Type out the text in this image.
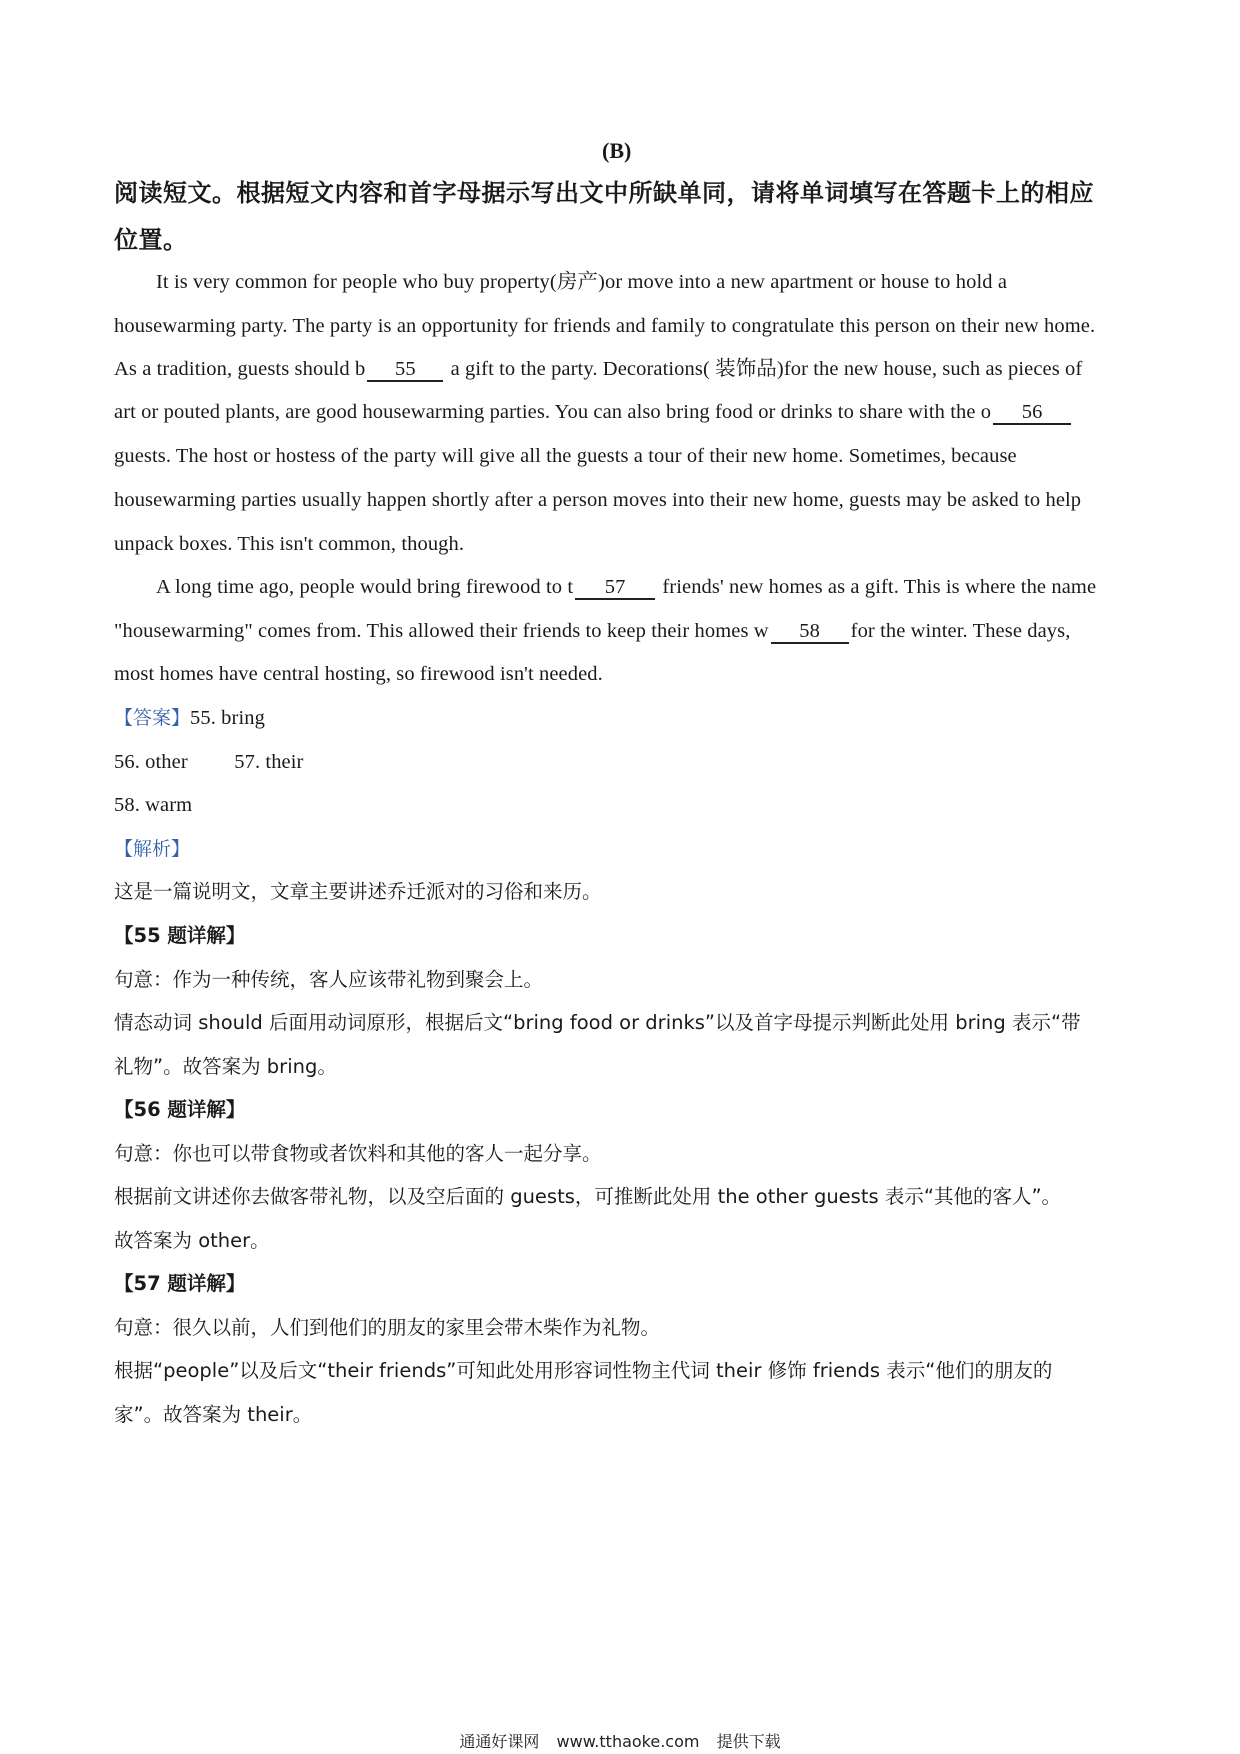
(B)
阅读短文。根据短文内容和首字母据示写出文中所缺单同，请将单词填写在答题卡上的相应
位置。
It is very common for people who buy property(房产)or move into a new apartment or house to hold a
housewarming party. The party is an opportunity for friends and family to congratulate this person on their new home.
As a tradition, guests should b 55 a gift to the party. Decorations( 装饰品)for the new house, such as pieces of
art or pouted plants, are good housewarming parties. You can also bring food or drinks to share with the o 56
guests. The host or hostess of the party will give all the guests a tour of their new home. Sometimes, because
housewarming parties usually happen shortly after a person moves into their new home, guests may be asked to help
unpack boxes. This isn't common, though.
A long time ago, people would bring firewood to t 57 friends' new homes as a gift. This is where the name
"housewarming" comes from. This allowed their friends to keep their homes w 58 for the winter. These days,
most homes have central hosting, so firewood isn't needed.
【答案】55. bring
56. other 57. their
58. warm
【解析】
这是一篇说明文，文章主要讲述乔迁派对的习俗和来历。
【55 题详解】
句意：作为一种传统，客人应该带礼物到聚会上。
情态动词 should 后面用动词原形，根据后文“bring food or drinks”以及首字母提示判断此处用 bring 表示“带
礼物”。故答案为 bring。
【56 题详解】
句意：你也可以带食物或者饮料和其他的客人一起分享。
根据前文讲述你去做客带礼物，以及空后面的 guests，可推断此处用 the other guests 表示“其他的客人”。
故答案为 other。
【57 题详解】
句意：很久以前，人们到他们的朋友的家里会带木柴作为礼物。
根据“people”以及后文“their friends”可知此处用形容词性物主代词 their 修饰 friends 表示“他们的朋友的
家”。故答案为 their。
通通好课网 www.tthaoke.com 提供下载
